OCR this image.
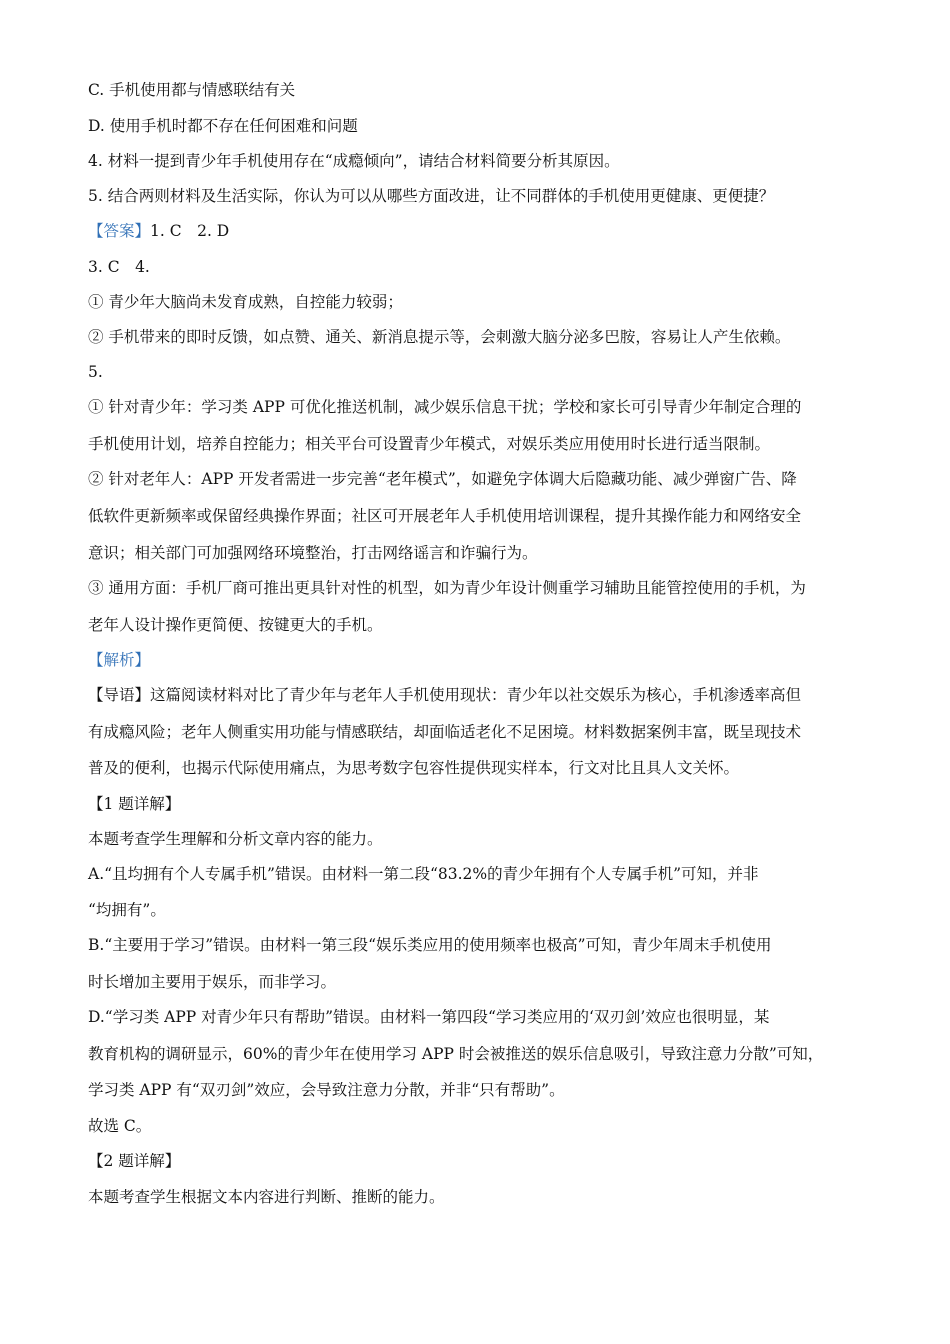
C. 手机使用都与情感联结有关
D. 使用手机时都不存在任何困难和问题
4. 材料一提到青少年手机使用存在“成瘾倾向”，请结合材料简要分析其原因。
5. 结合两则材料及生活实际，你认为可以从哪些方面改进，让不同群体的手机使用更健康、更便捷？
【答案】1. C　2. D
3. C　4.
① 青少年大脑尚未发育成熟，自控能力较弱；
② 手机带来的即时反馈，如点赞、通关、新消息提示等，会刺激大脑分泌多巴胺，容易让人产生依赖。
5.
① 针对青少年：学习类 APP 可优化推送机制，减少娱乐信息干扰；学校和家长可引导青少年制定合理的
手机使用计划，培养自控能力；相关平台可设置青少年模式，对娱乐类应用使用时长进行适当限制。
② 针对老年人：APP 开发者需进一步完善“老年模式”，如避免字体调大后隐藏功能、减少弹窗广告、降
低软件更新频率或保留经典操作界面；社区可开展老年人手机使用培训课程，提升其操作能力和网络安全
意识；相关部门可加强网络环境整治，打击网络谣言和诈骗行为。
③ 通用方面：手机厂商可推出更具针对性的机型，如为青少年设计侧重学习辅助且能管控使用的手机，为
老年人设计操作更简便、按键更大的手机。
【解析】
【导语】这篇阅读材料对比了青少年与老年人手机使用现状：青少年以社交娱乐为核心，手机渗透率高但
有成瘾风险；老年人侧重实用功能与情感联结，却面临适老化不足困境。材料数据案例丰富，既呈现技术
普及的便利，也揭示代际使用痛点，为思考数字包容性提供现实样本，行文对比且具人文关怀。
【1 题详解】
本题考查学生理解和分析文章内容的能力。
A.“且均拥有个人专属手机”错误。由材料一第二段“83.2%的青少年拥有个人专属手机”可知，并非
“均拥有”。
B.“主要用于学习”错误。由材料一第三段“娱乐类应用的使用频率也极高”可知，青少年周末手机使用
时长增加主要用于娱乐，而非学习。
D.“学习类 APP 对青少年只有帮助”错误。由材料一第四段“学习类应用的‘双刃剑’效应也很明显，某
教育机构的调研显示，60%的青少年在使用学习 APP 时会被推送的娱乐信息吸引，导致注意力分散”可知，
学习类 APP 有“双刃剑”效应，会导致注意力分散，并非“只有帮助”。
故选 C。
【2 题详解】
本题考查学生根据文本内容进行判断、推断的能力。
